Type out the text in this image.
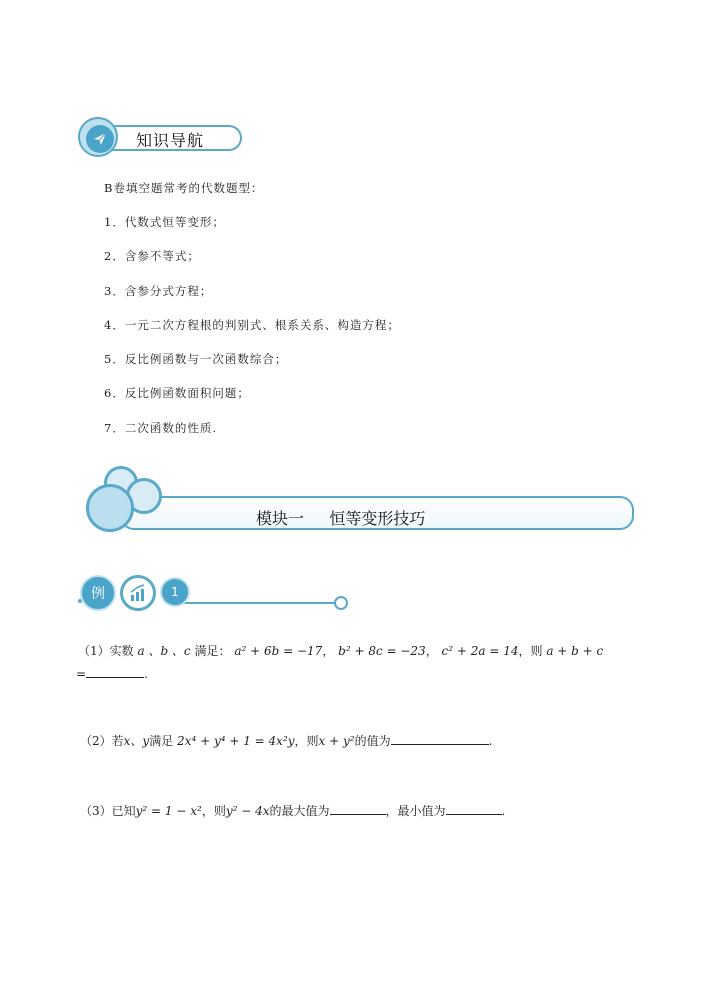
知识导航
B卷填空题常考的代数题型：
1．代数式恒等变形；
2．含参不等式；
3．含参分式方程；
4．一元二次方程根的判别式、根系关系、构造方程；
5．反比例函数与一次函数综合；
6．反比例函数面积问题；
7．二次函数的性质.
模块一     恒等变形技巧
例	1
（1）实数 a 、b 、c 满足： a² + 6b = −17， b² + 8c = −23， c² + 2a = 14，则 a + b + c
=	.
（2）若x、y满足 2x⁴ + y⁴ + 1 = 4x²y，则x + y²的值为	.
（3）已知y² = 1 − x²，则y² − 4x的最大值为	，最小值为	.
